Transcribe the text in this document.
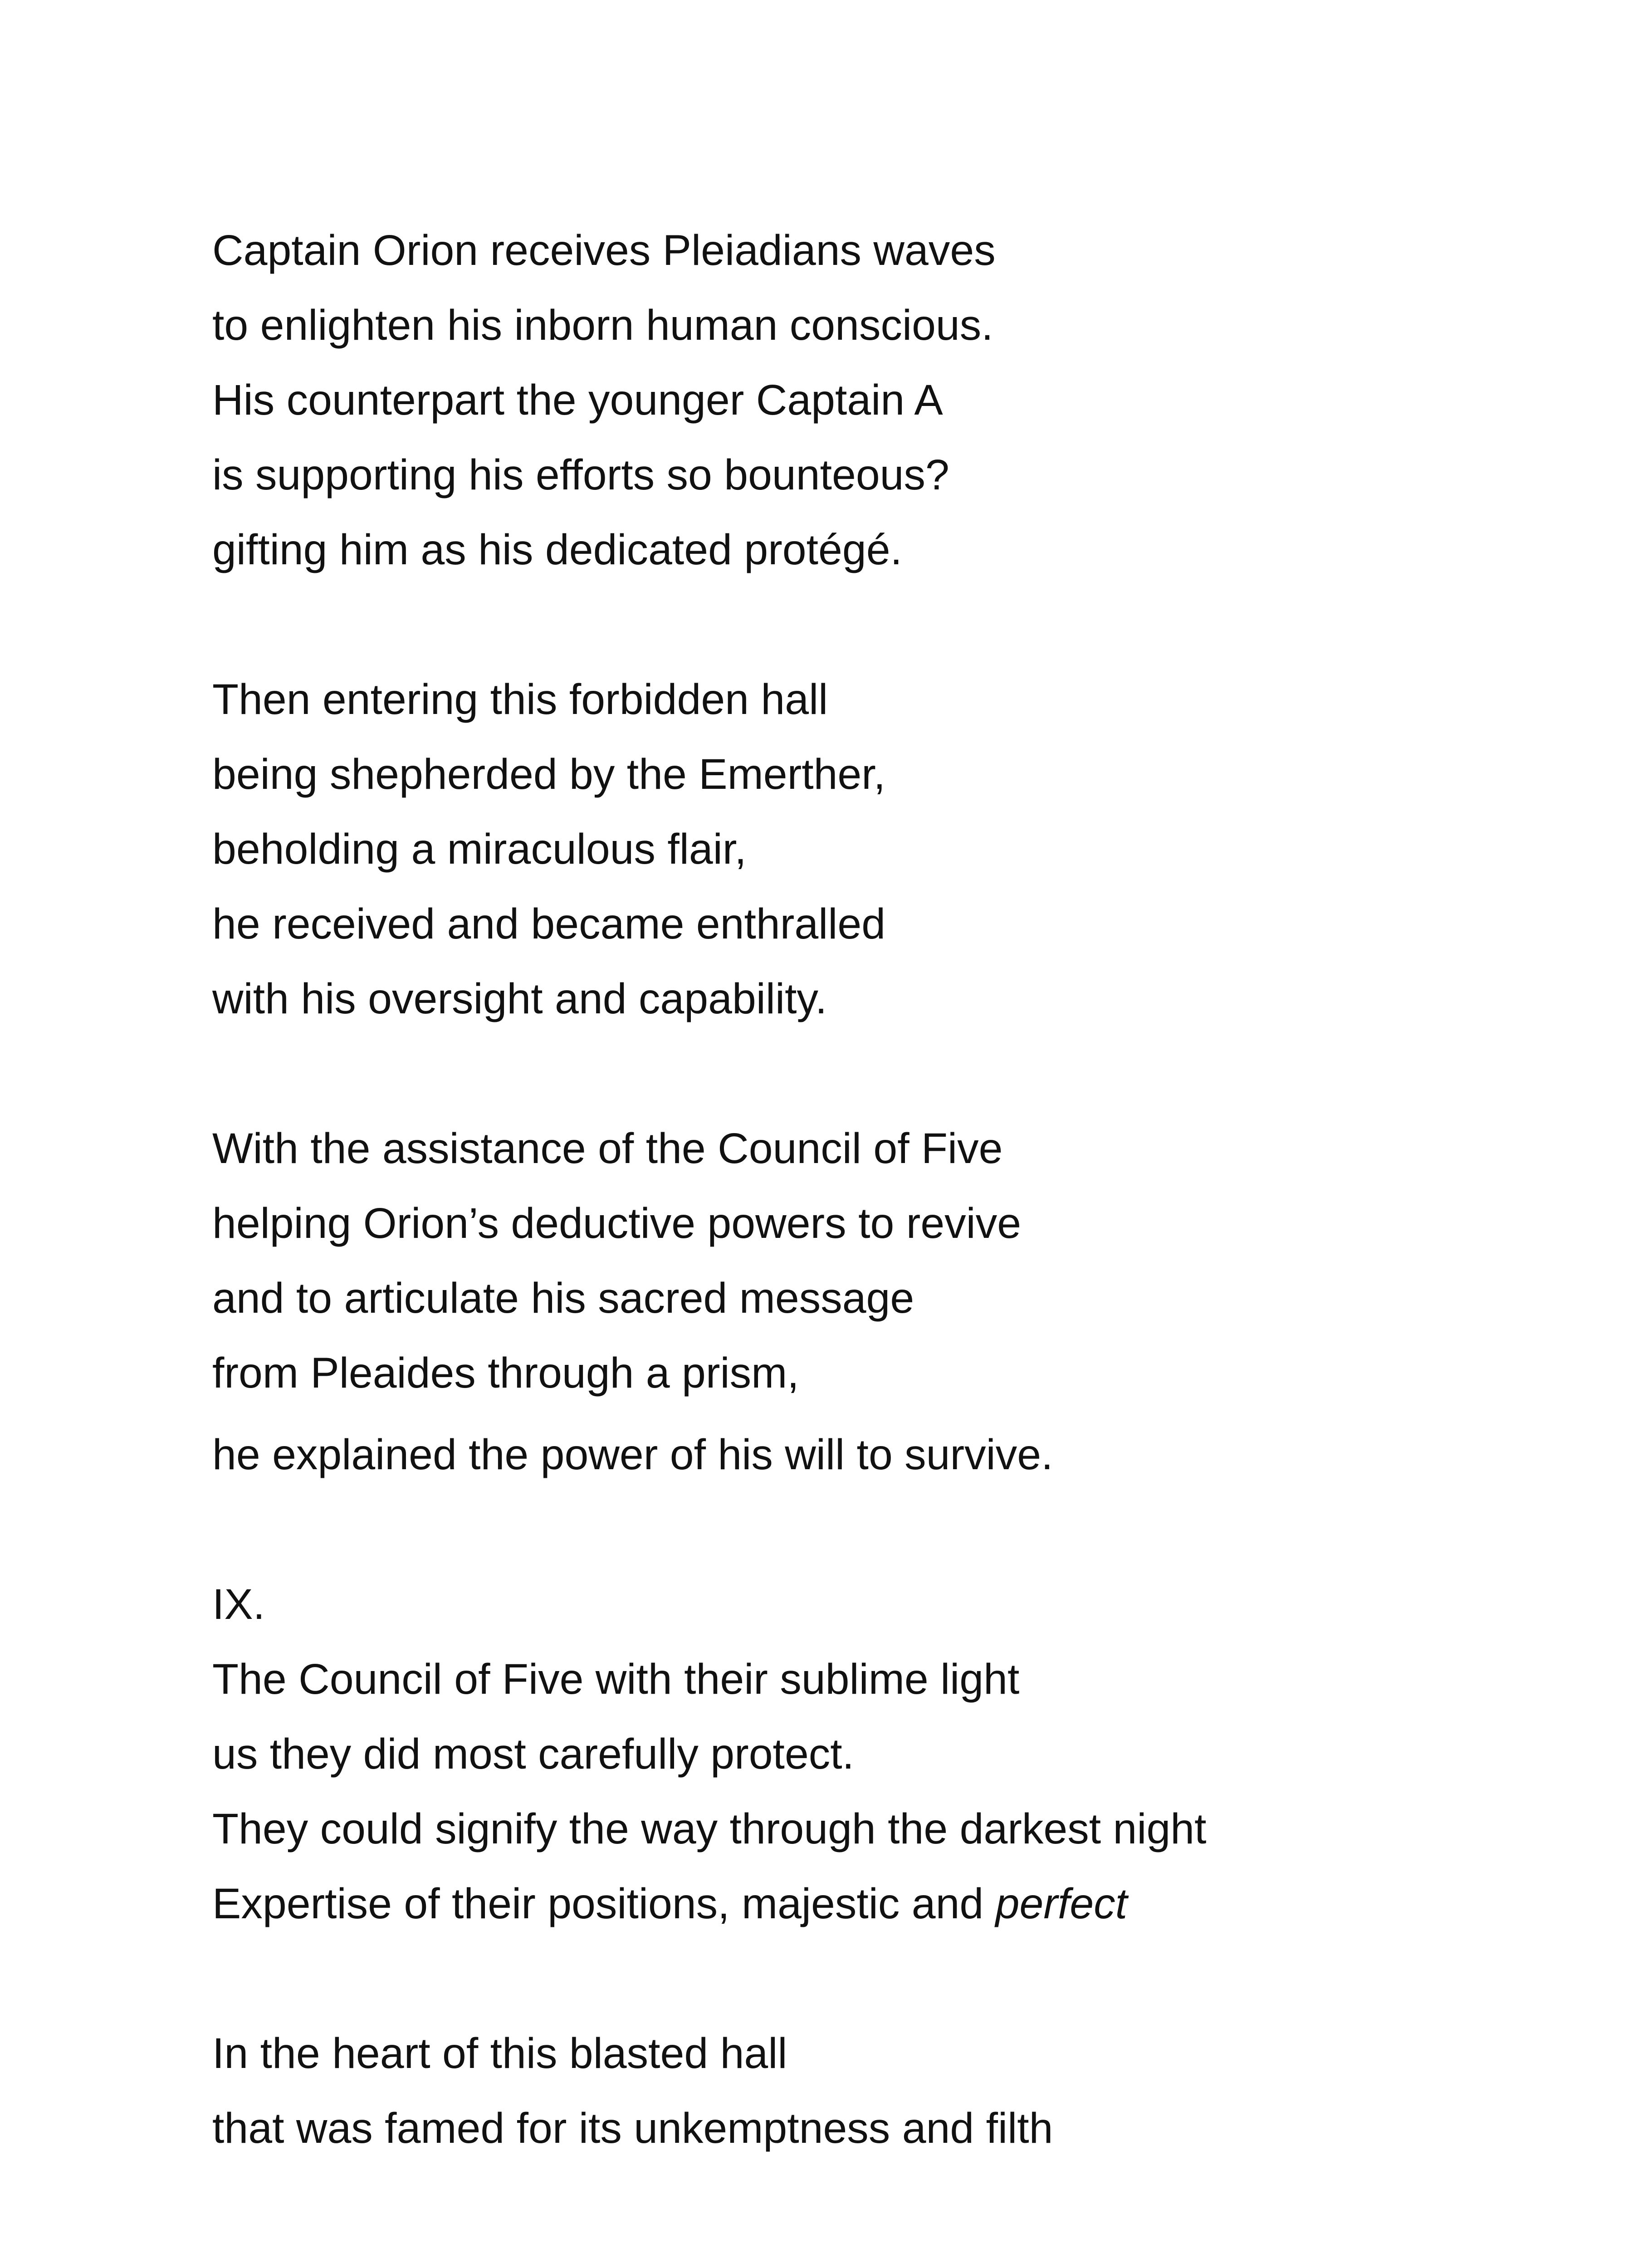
Captain Orion receives Pleiadians waves
to enlighten his inborn human conscious.
His counterpart the younger Captain A
is supporting his efforts so bounteous?
gifting him as his dedicated protégé.
Then entering this forbidden hall
being shepherded by the Emerther,
beholding a miraculous flair,
he received and became enthralled
with his oversight and capability.
With the assistance of the Council of Five
helping Orion’s deductive powers to revive
and to articulate his sacred message
from Pleaides through a prism,
he explained the power of his will to survive.
IX.
The Council of Five with their sublime light
us they did most carefully protect.
They could signify the way through the darkest night
Expertise of their positions, majestic and perfect
In the heart of this blasted hall
that was famed for its unkemptness and filth
